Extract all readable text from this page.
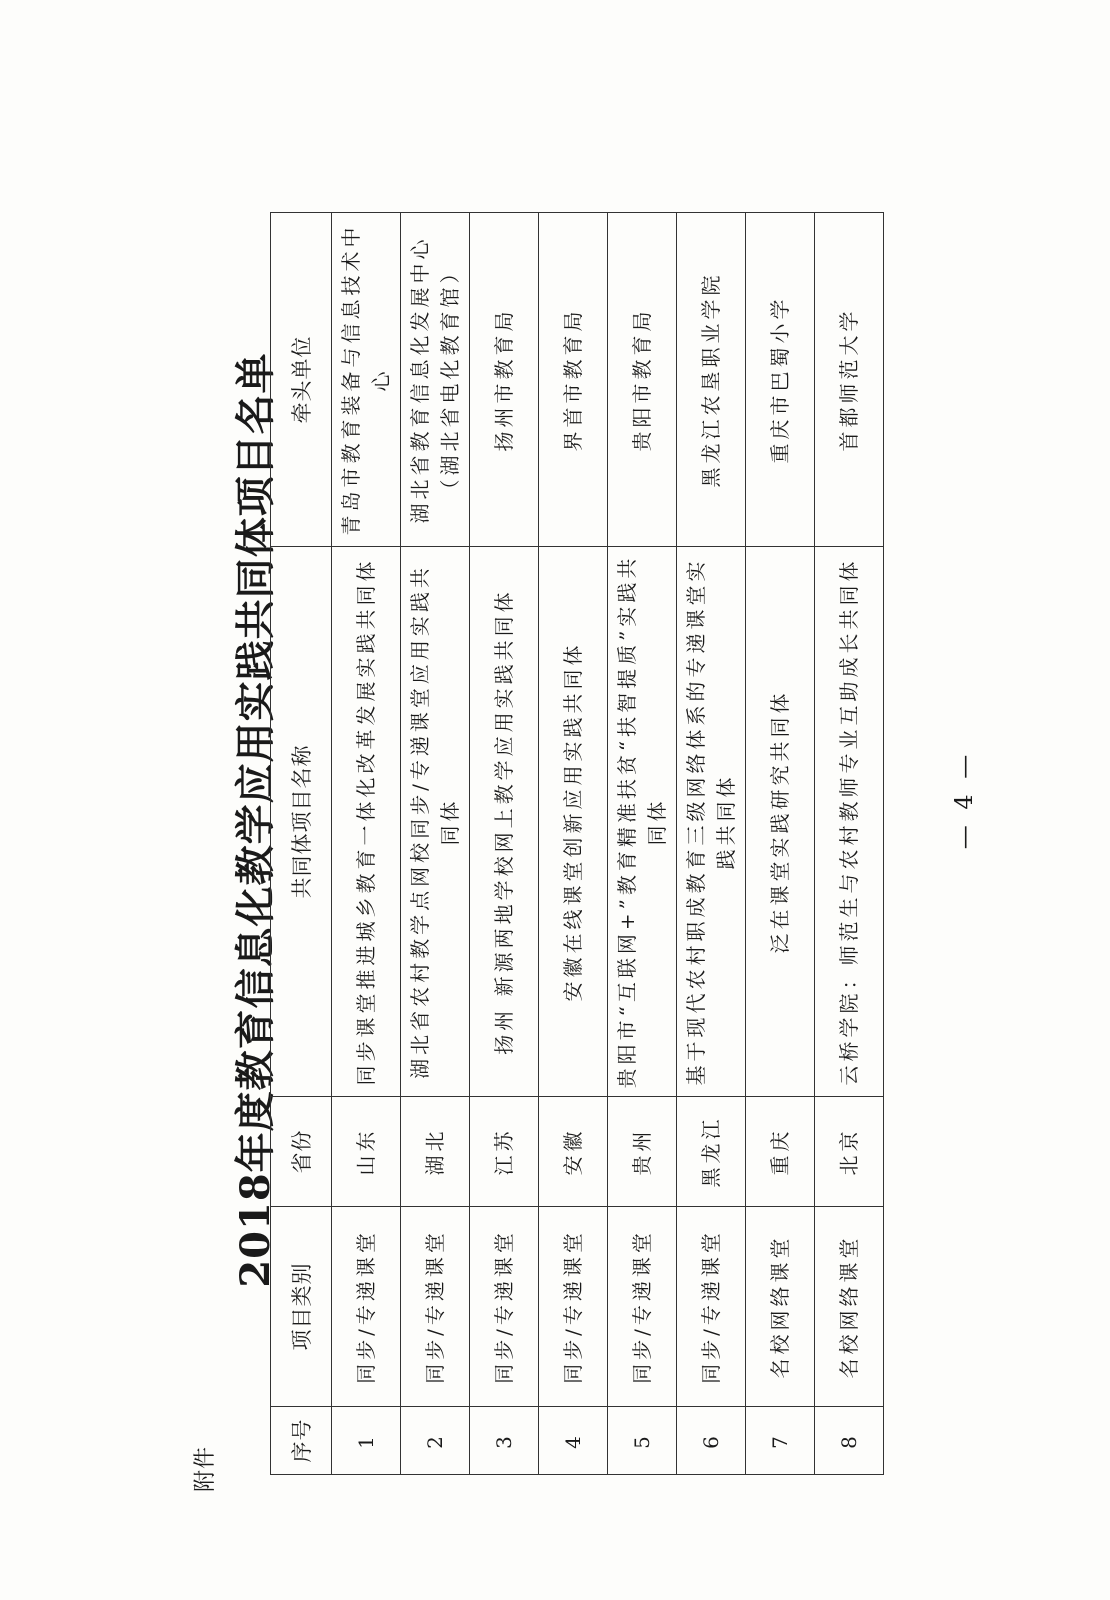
附件
2018年度教育信息化教学应用实践共同体项目名单
序号	项目类别	省份	共同体项目名称	牵头单位
1	同步/专递课堂	山东	同步课堂推进城乡教育一体化改革发展实践共同体	青岛市教育装备与信息技术中心
2	同步/专递课堂	湖北	湖北省农村教学点网校同步/专递课堂应用实践共同体	湖北省教育信息化发展中心（湖北省电化教育馆）
3	同步/专递课堂	江苏	扬州 新源两地学校网上教学应用实践共同体	扬州市教育局
4	同步/专递课堂	安徽	安徽在线课堂创新应用实践共同体	界首市教育局
5	同步/专递课堂	贵州	贵阳市“互联网+”教育精准扶贫“扶智提质”实践共同体	贵阳市教育局
6	同步/专递课堂	黑龙江	基于现代农村职成教育三级网络体系的专递课堂实践共同体	黑龙江农垦职业学院
7	名校网络课堂	重庆	泛在课堂实践研究共同体	重庆市巴蜀小学
8	名校网络课堂	北京	云桥学院：师范生与农村教师专业互助成长共同体	首都师范大学
— 4 —
